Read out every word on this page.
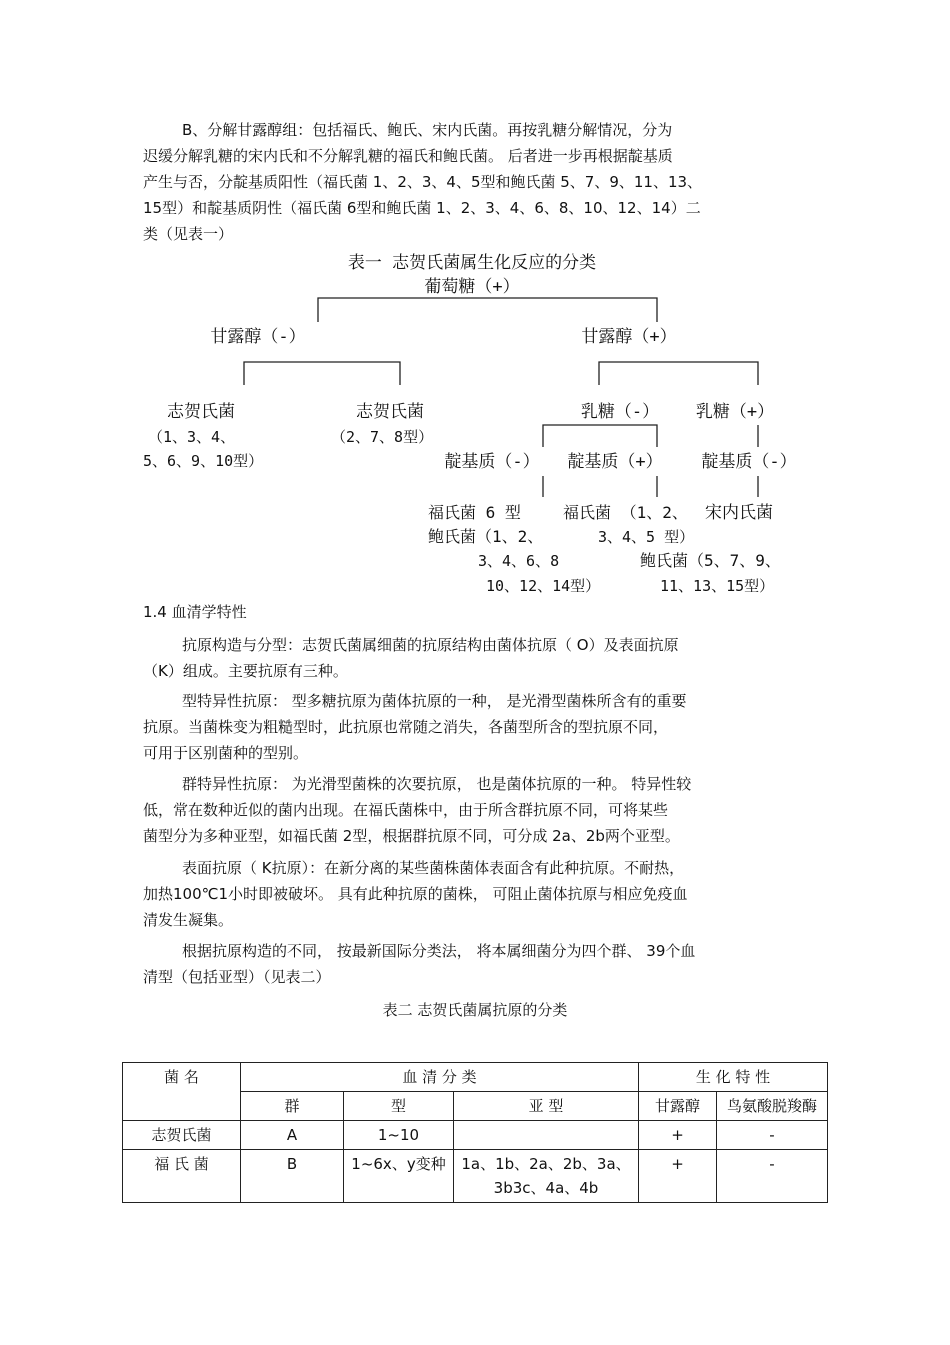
B、分解甘露醇组：包括福氏、鲍氏、宋内氏菌。再按乳糖分解情况，分为
迟缓分解乳糖的宋内氏和不分解乳糖的福氏和鲍氏菌。 后者进一步再根据靛基质
产生与否，分靛基质阳性（福氏菌 1、2、3、4、5型和鲍氏菌 5、7、9、11、13、
15型）和靛基质阴性（福氏菌 6型和鲍氏菌 1、2、3、4、6、8、10、12、14）二
类（见表一）
表一 志贺氏菌属生化反应的分类
葡萄糖（+）
甘露醇（-）	甘露醇（+）
志贺氏菌
（1、3、4、
5、6、9、10型）
志贺氏菌
（2、7、8型）
乳糖（-） 乳糖（+）
靛基质（-） 靛基质（+） 靛基质（-）
福氏菌 6 型
鲍氏菌（1、2、
3、4、6、8
10、12、14型）
福氏菌 （1、2、
3、4、5 型）
鲍氏菌（5、7、9、
11、13、15型）
宋内氏菌
1.4 血清学特性
抗原构造与分型：志贺氏菌属细菌的抗原结构由菌体抗原（ O）及表面抗原
（K）组成。主要抗原有三种。
型特异性抗原： 型多糖抗原为菌体抗原的一种， 是光滑型菌株所含有的重要
抗原。当菌株变为粗糙型时，此抗原也常随之消失，各菌型所含的型抗原不同，
可用于区别菌种的型别。
群特异性抗原： 为光滑型菌株的次要抗原， 也是菌体抗原的一种。 特异性较
低，常在数种近似的菌内出现。在福氏菌株中，由于所含群抗原不同，可将某些
菌型分为多种亚型，如福氏菌 2型，根据群抗原不同，可分成 2a、2b两个亚型。
表面抗原（ K抗原）：在新分离的某些菌株菌体表面含有此种抗原。不耐热，
加热100℃1小时即被破坏。 具有此种抗原的菌株， 可阻止菌体抗原与相应免疫血
清发生凝集。
根据抗原构造的不同， 按最新国际分类法， 将本属细菌分为四个群、 39个血
清型（包括亚型）（见表二）
表二 志贺氏菌属抗原的分类
菌 名	血 清 分 类			生 化 特 性	
	群	型	亚 型	甘露醇	鸟氨酸脱羧酶
志贺氏菌	A	1~10		+	-
福 氏 菌	B	1~6x、y变种	1a、1b、2a、2b、3a、3b3c、4a、4b	+	-
